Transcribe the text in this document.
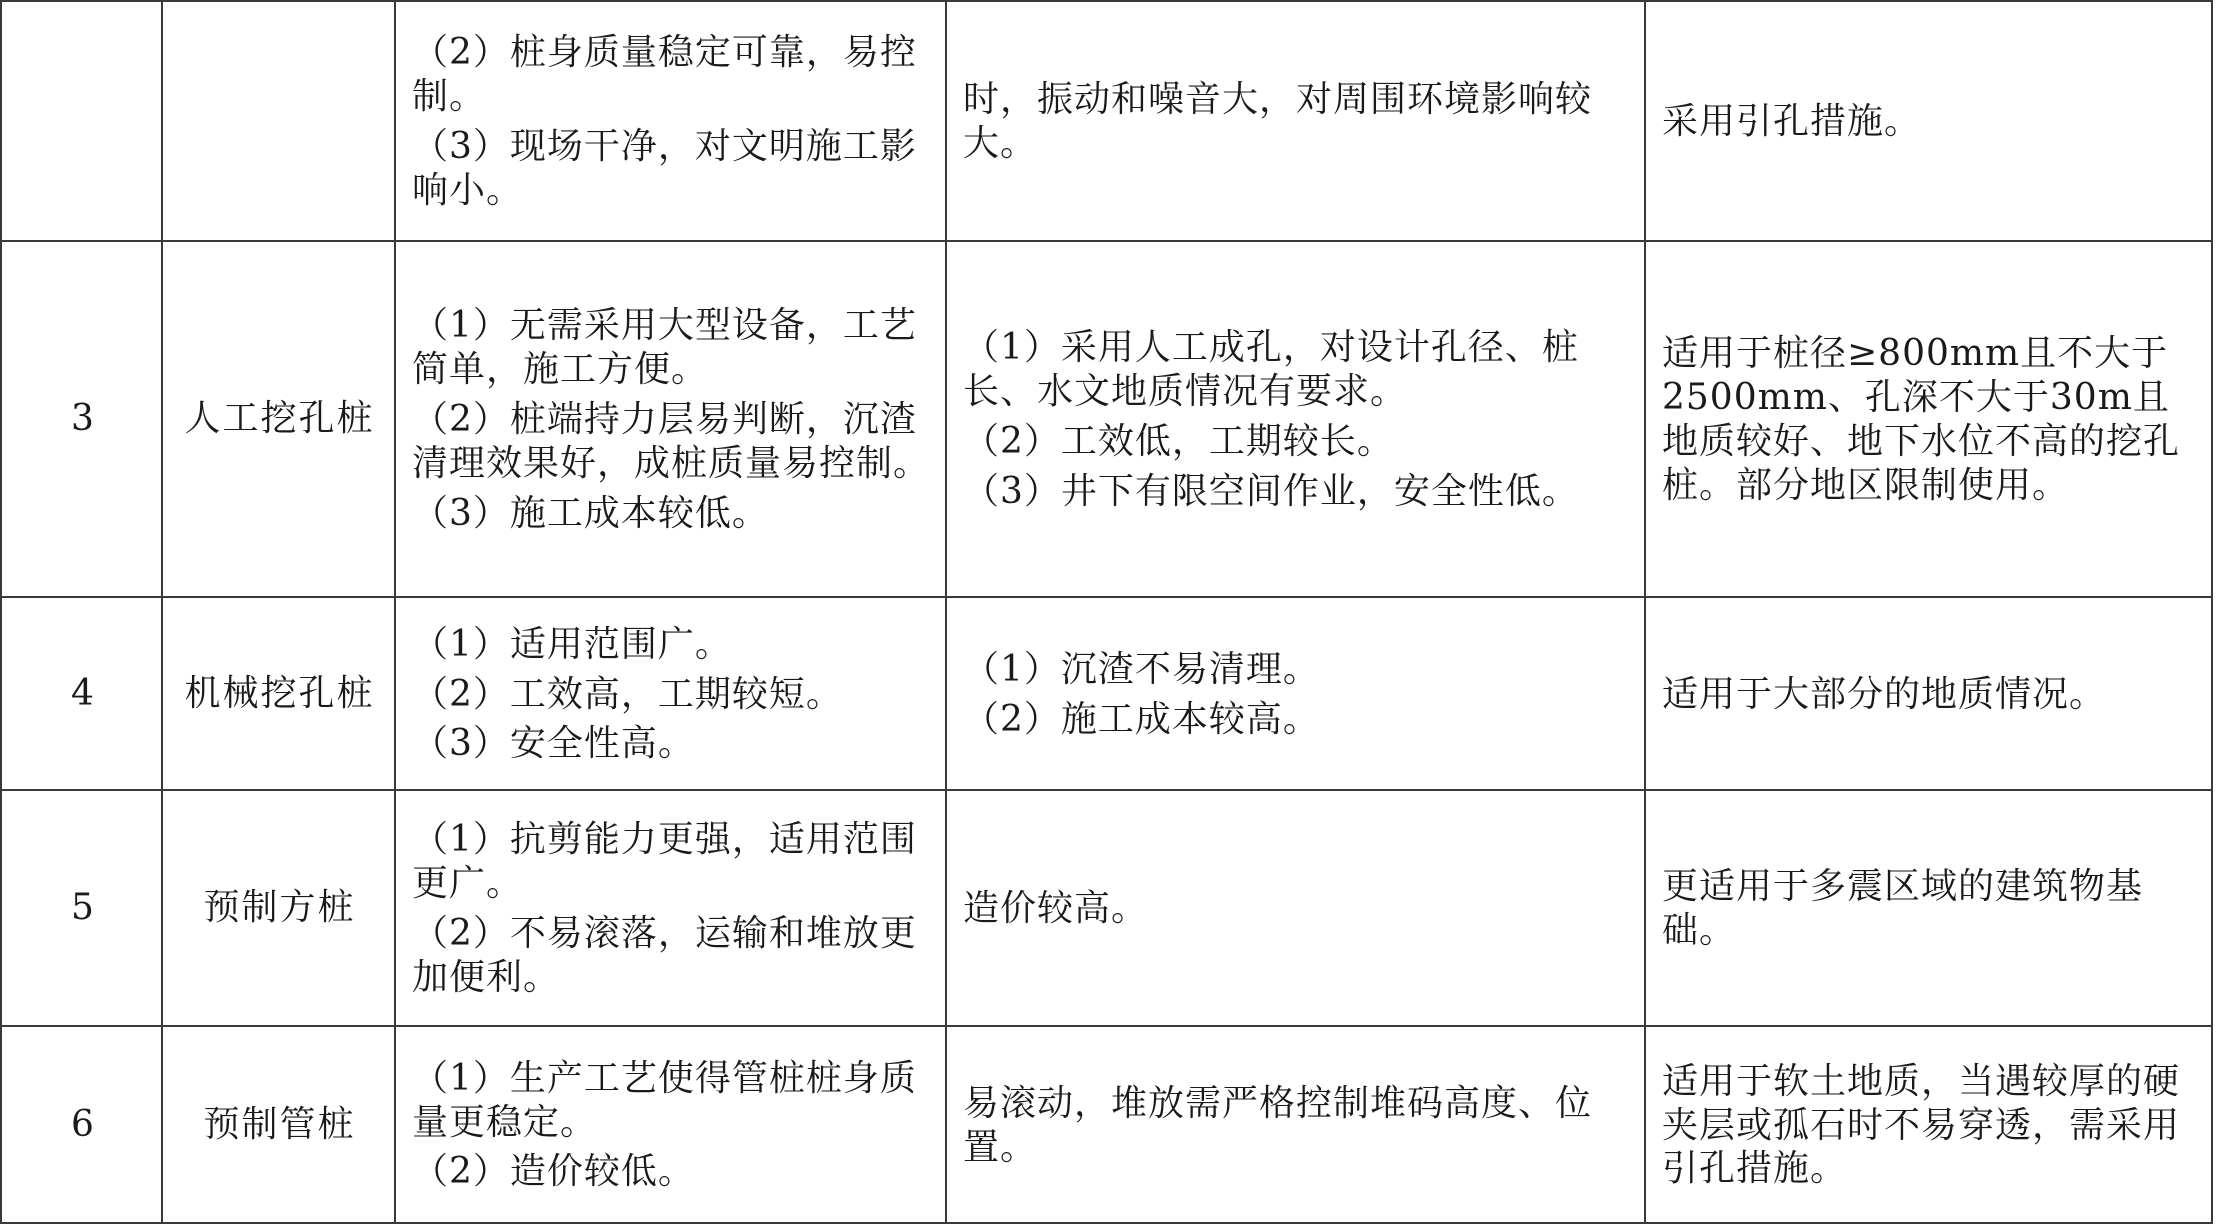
		（2）桩身质量稳定可靠，易控制。
（3）现场干净，对文明施工影响小。	时，振动和噪音大，对周围环境影响较大。	采用引孔措施。

3	人工挖孔桩	（1）无需采用大型设备，工艺简单，施工方便。
（2）桩端持力层易判断，沉渣清理效果好，成桩质量易控制。
（3）施工成本较低。	（1）采用人工成孔，对设计孔径、桩长、水文地质情况有要求。
（2）工效低，工期较长。
（3）井下有限空间作业，安全性低。	适用于桩径≥800mm且不大于2500mm、孔深不大于30m且地质较好、地下水位不高的挖孔桩。部分地区限制使用。

4	机械挖孔桩	（1）适用范围广。
（2）工效高，工期较短。
（3）安全性高。	（1）沉渣不易清理。
（2）施工成本较高。	适用于大部分的地质情况。

5	预制方桩	（1）抗剪能力更强，适用范围更广。
（2）不易滚落，运输和堆放更加便利。	造价较高。	更适用于多震区域的建筑物基础。

6	预制管桩	（1）生产工艺使得管桩桩身质量更稳定。
（2）造价较低。	易滚动，堆放需严格控制堆码高度、位置。	适用于软土地质，当遇较厚的硬夹层或孤石时不易穿透，需采用引孔措施。
